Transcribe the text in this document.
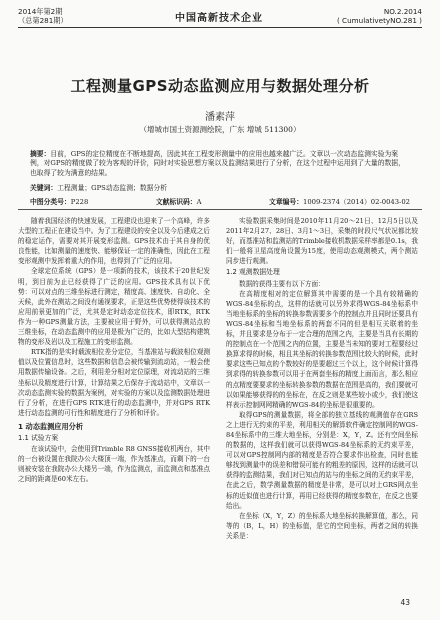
2014年第2期
（总第281期）	中国高新技术企业
NO.2.2014
( CumulativetyNO.281 )
工程测量GPS动态监测应用与数据处理分析
潘素萍
（增城市国土资源测绘院，广东 增城 511300）
摘要：目前，GPS的定位精度在不断地提高，因此其在工程变形测量中的应用也越来越广泛。文章以一次动态监测实验为案例，对GPS的精度做了较为客观的评价，同时对实验思想方案以及监测结果进行了分析，在这个过程中运用到了大量的数据，也取得了较为满意的结果。
关键词：工程测量；GPS动态监测；数据分析
中图分类号：P228	文献标识码：A	文章编号：1009-2374（2014）02-0043-02

随着我国经济的快速发展，工程建设也迎来了一个高峰，许多大型的工程正在建设当中。为了工程建设的安全以及今后建成之后的稳定运作，需要对其开展变形监测。GPS技术由于其自身的优良性能，比如测量的速度快、能够保证一定的准确性，因此在工程变形观测中发挥着重大的作用，也得到了广泛的应用。

全球定位系统（GPS）是一项新的技术，该技术于20世纪发明，到目前为止已经获得了广泛的应用。GPS技术具有以下优势：可以对点的三维坐标进行测定，精度高、速度快、自动化、全天候，此外在测站之间没有通视要求，正是这些优势使得该技术的应用前景更加的广泛，尤其是定时动态定位技术，即RTK，RTK作为一种GPS测量方法，主要被应用于野外，可以获得测站点的三维坐标，在动态监测中的应用是极为广泛的，比如大型结构建筑物的变形及岩以及工程施工的变形监测。

RTK指的是实时载波相位差分定位，当基准站与载波相位观测值以及位置信息时，这些数据和信息会被传输到流动站，一般会使用数据传输设备。之后，利用差分相对定位原理，对流动站的三维坐标以及精度进行计算，计算结果之后保存于流动站中，文章以一次动态监测实验的数据为案例，对实验的方案以及监测数据处理进行了分析，在进行GPS RTK进行的动态监测中，并对GPS RTK进行动态监测的可行性和精度进行了分析和评价。

1 动态监测应用分析
1.1 试验方案

在该试验中，会使用到Trimble R8 GNSS接收机两台，其中的一台被设置在我院办公大楼顶一端，作为基准点，而剩下的一台则被安装在我院办公大楼另一端，作为监测点，而监测点和基准点之间的距离是60米左右。

实验数据采集时间是2010年11月20～21日、12月5日以及2011年2月27、28日、3月1～3日，采集的时段尺气状况都比较好，而基准站和监测站的Trimble接收机数据采样率都是0.1s，我们一般将卫星高度角设置为15度，使用动态观测模式，两个测站同步进行观测。

1.2 观测数据处理

数据的获得主要有以下方面：

在高精度相对的定位解算其中需要的是一个具有较精确的WGS-84坐标的点，这样的话就可以另外求得WGS-84坐标系中当地坐标系的坐标的转换参数需要多个的控制点并且同时还要具有WGS-84坐标和当地坐标系的两套不同的但是相互关联着的坐标，并且要求是分布于一定合理的范围之内，主要是当具有长期的的控制点在一个范围之内的位置，主要是当未知的要对工程要经过换算求得的时候，相且其坐标的转换参数范围比较大的时候，此时要求这些已知点的个数较好的是要超过三个以上，这个时候计算得到求得的转换参数可以用于在两套坐标的精度上面而言，那么相应的点精度要要求的坐标转换参数的数据在范围是高的，我们要就可以如果能够获得的的坐标在，在反之则是某些较小或少，我们使这样表示控制网网精确的WGS-84的坐标是很重要的。

取得GPS的测量数据，将全部的独立基线的观测值存在GRS之上进行无约束的平差，利用相关的解算软件确定控制网的WGS-84坐标系中的三维大地坐标，分别是：X，Y，Z。还有空间坐标的数据的，这样我们就可以获得WGS-84坐标系的无约束平差，可以对GPS控制网内部的精度是否符合要求作出检查，同时也能够找到测量中的误差和错误可能有的粗差的原因，这样的话就可以获得的监测结果，我们对已知点的站与的坐标之间的无约束平差，在此之后，数学测量数据的精度是非常，是可以对上GRS网点坐标的近似值也进行计算，再用已经获得的精度参数在，在反之也要给出。

在坐标（X，Y，Z）的坐标系大地坐标转换解算值，那么，同等的（B，L，H）的坐标值，是它的空间坐标，两者之间的转换关系是：

43
